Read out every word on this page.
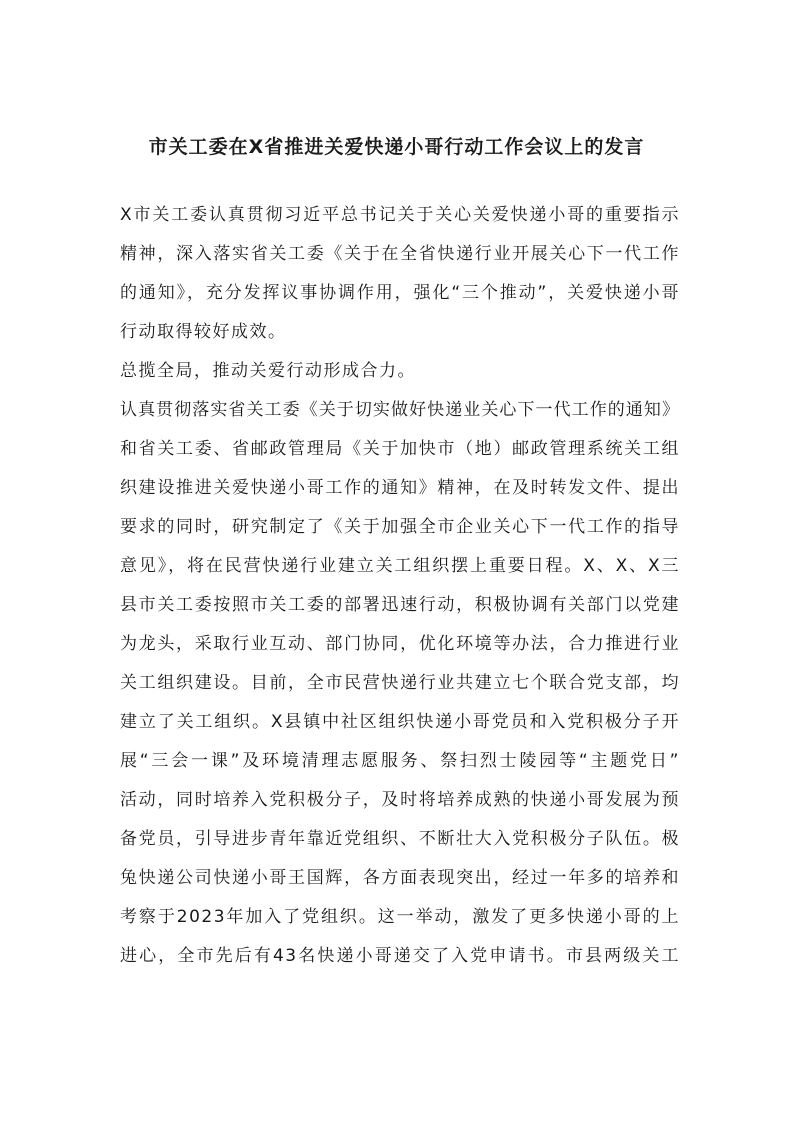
市关工委在X省推进关爱快递小哥行动工作会议上的发言
X市关工委认真贯彻习近平总书记关于关心关爱快递小哥的重要指示
精神，深入落实省关工委《关于在全省快递行业开展关心下一代工作
的通知》，充分发挥议事协调作用，强化“三个推动”，关爱快递小哥
行动取得较好成效。
总揽全局，推动关爱行动形成合力。
认真贯彻落实省关工委《关于切实做好快递业关心下一代工作的通知》
和省关工委、省邮政管理局《关于加快市（地）邮政管理系统关工组
织建设推进关爱快递小哥工作的通知》精神，在及时转发文件、提出
要求的同时，研究制定了《关于加强全市企业关心下一代工作的指导
意见》，将在民营快递行业建立关工组织摆上重要日程。X、X、X三
县市关工委按照市关工委的部署迅速行动，积极协调有关部门以党建
为龙头，采取行业互动、部门协同，优化环境等办法，合力推进行业
关工组织建设。目前，全市民营快递行业共建立七个联合党支部，均
建立了关工组织。X县镇中社区组织快递小哥党员和入党积极分子开
展“三会一课”及环境清理志愿服务、祭扫烈士陵园等“主题党日”
活动，同时培养入党积极分子，及时将培养成熟的快递小哥发展为预
备党员，引导进步青年靠近党组织、不断壮大入党积极分子队伍。极
兔快递公司快递小哥王国辉，各方面表现突出，经过一年多的培养和
考察于2023年加入了党组织。这一举动，激发了更多快递小哥的上
进心，全市先后有43名快递小哥递交了入党申请书。市县两级关工
